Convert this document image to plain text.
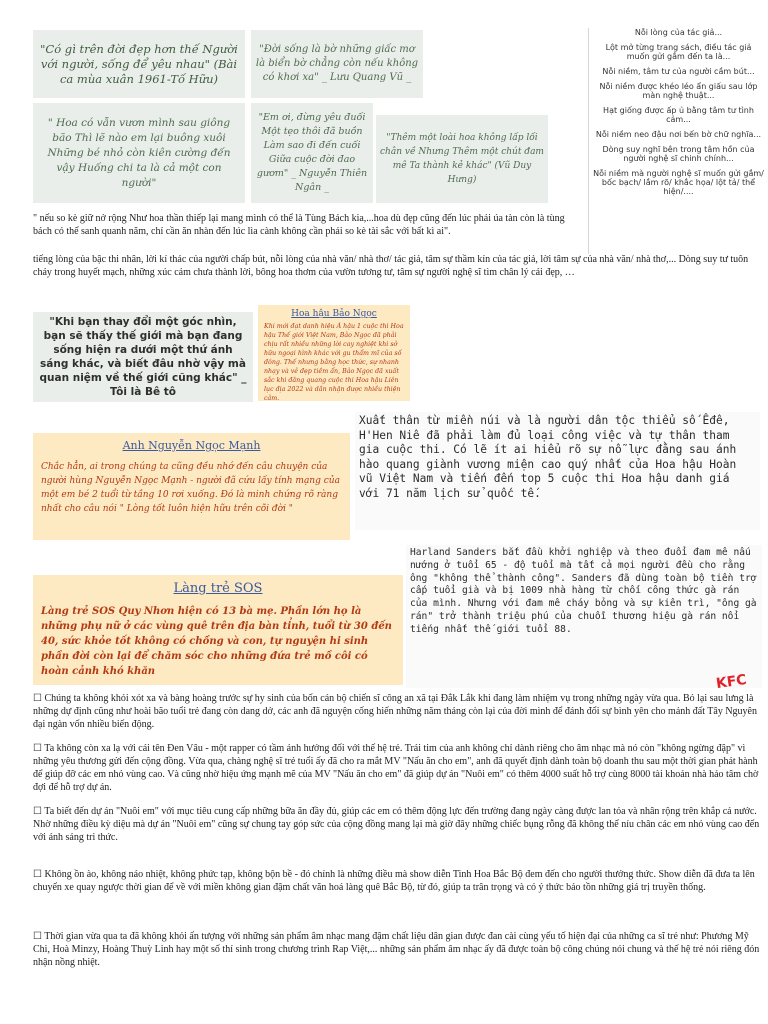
"Có gì trên đời đẹp hơn thế Người với người, sống để yêu nhau" (Bài ca mùa xuân 1961-Tố Hữu)

"Đời sống là bờ những giấc mơ là biển bờ chẳng còn nếu không có khơi xa" _ Lưu Quang Vũ _

" Hoa có vẫn vươn mình sau giông bão Thì lẽ nào em lại buông xuôi Những bé nhỏ còn kiên cường đến vậy Huống chi ta là cả một con người"

"Em ơi, đừng yêu đuối Một tẹo thôi đã buồn Làm sao đi đến cuối Giữa cuộc đời đao gươm" _ Nguyễn Thiên Ngân _

"Thêm một loài hoa không lấp lối chân về Nhưng Thêm một chút đam mê Ta thành kẻ khác" (Vũ Duy Hưng)

Nỗi lòng của tác giả...
Lột mở từng trang sách, điều tác giả muốn gửi gắm đến ta là...
Nỗi niềm, tâm tư của người cầm bút...
Nỗi niềm được khéo léo ẩn giấu sau lớp màn nghệ thuật...
Hạt giống được ấp ủ bằng tâm tư tình cảm...
Nỗi niềm neo đậu nơi bến bờ chữ nghĩa...
Dòng suy nghĩ bên trong tâm hồn của người nghệ sĩ chinh chính...
Nỗi niềm mà người nghệ sĩ muốn gửi gắm/ bốc bạch/ lắm rõ/ khắc họa/ lột tả/ thể hiện/....
" nếu so kè giữ nở rộng Như hoa thần thiếp lại mang mình có thể là Tùng Bách kia,...hoa dù đẹp cũng đến lúc phải úa tàn còn là tùng bách có thể sanh quanh năm, chỉ cần ăn nhàn đến lúc lìa cành không cần phải so kè tài sắc với bất kì ai".
tiếng lòng của bậc thi nhân, lời kí thác của người chấp bút, nỗi lòng của nhà văn/ nhà thơ/ tác giả, tâm sự thầm kín của tác giả, lời tâm sự của nhà văn/ nhà thơ,... Dòng suy tư tuôn chảy trong huyết mạch, những xúc cảm chưa thành lời, bông hoa thơm của vườn tương tư, tâm sự người nghệ sĩ tìm chân lý cái đẹp, …

"Khi bạn thay đổi một góc nhìn, bạn sẽ thấy thế giới mà bạn đang sống hiện ra dưới một thứ ánh sáng khác, và biết đâu nhờ vậy mà quan niệm về thế giới cũng khác" _ Tôi là Bê tô

Hoa hậu Bảo Ngọc
Khi mới đạt danh hiệu Á hậu 1 cuộc thi Hoa hậu Thế giới Việt Nam, Bảo Ngọc đã phải chịu rất nhiều những lời cay nghiệt khi sở hữu ngoại hình khác với gu thẩm mĩ của số đông. Thế nhưng bằng học thức, sự nhanh nhạy và vẻ đẹp tiềm ẩn, Bảo Ngọc đã xuất sắc khi đăng quang cuộc thi Hoa hậu Liên lục địa 2022 và dần nhận được nhiều thiện cảm.
Xuất thân từ miền núi và là người dân tộc thiểu số Êđê, H'Hen Niê đã phải làm đủ loại công việc và tự thân tham gia cuộc thi. Có lẽ ít ai hiểu rõ sự nỗ lực đằng sau ánh hào quang giành vương miện cao quý nhất của Hoa hậu Hoàn vũ Việt Nam và tiến đến top 5 cuộc thi Hoa hậu danh giá với 71 năm lịch sử quốc tế.
Anh Nguyễn Ngọc Mạnh
Chắc hẳn, ai trong chúng ta cũng đều nhớ đến câu chuyện của người hùng Nguyễn Ngọc Mạnh - người đã cứu lấy tính mạng của một em bé 2 tuổi từ tầng 10 rơi xuống. Đó là minh chứng rõ ràng nhất cho câu nói " Lòng tốt luôn hiện hữu trên cõi đời "
Làng trẻ SOS
Làng trẻ SOS Quy Nhơn hiện có 13 bà mẹ. Phần lớn họ là những phụ nữ ở các vùng quê trên địa bàn tỉnh, tuổi từ 30 đến 40, sức khỏe tốt không có chồng và con, tự nguyện hi sinh phần đời còn lại để chăm sóc cho những đứa trẻ mồ côi có hoàn cảnh khó khăn
Harland Sanders bắt đầu khởi nghiệp và theo đuổi đam mê nấu nướng ở tuổi 65 - độ tuổi mà tất cả mọi người đều cho rằng ông "không thể thành công". Sanders đã dùng toàn bộ tiền trợ cấp tuổi già và bị 1009 nhà hàng từ chối công thức gà rán của mình. Nhưng với đam mê cháy bỏng và sự kiên trì, "ông gà rán" trở thành triệu phú của chuỗi thương hiệu gà rán nổi tiếng nhất thế giới tuổi 88.
KFC
☐ Chúng ta không khỏi xót xa và bàng hoàng trước sự hy sinh của bốn cán bộ chiến sĩ công an xã tại Đắk Lắk khi đang làm nhiệm vụ trong những ngày vừa qua. Bỏ lại sau lưng là những dự định cũng như hoài bão tuổi trẻ đang còn dang dở, các anh đã nguyện cống hiến những năm tháng còn lại của đời mình để đánh đổi sự bình yên cho mảnh đất Tây Nguyên đại ngàn vốn nhiều biến động.
☐ Ta không còn xa lạ với cái tên Đen Vâu - một rapper có tầm ảnh hưởng đối với thế hệ trẻ. Trái tim của anh không chỉ dành riêng cho âm nhạc mà nó còn "không ngừng đập" vì những yêu thương gửi đến cộng đồng. Vừa qua, chàng nghệ sĩ trẻ tuổi ấy đã cho ra mắt MV "Nấu ăn cho em", anh đã quyết định dành toàn bộ doanh thu sau một thời gian phát hành để giúp đỡ các em nhỏ vùng cao. Và cũng nhờ hiệu ứng mạnh mẽ của MV "Nấu ăn cho em" đã giúp dự án "Nuôi em" có thêm 4000 suất hỗ trợ cùng 8000 tài khoản nhà hảo tâm chờ đợi để hỗ trợ dự án.
☐ Ta biết đến dự án "Nuôi em" với mục tiêu cung cấp những bữa ăn đầy đủ, giúp các em có thêm động lực đến trường đang ngày càng được lan tỏa và nhân rộng trên khắp cả nước. Nhờ những điều kỳ diệu mà dự án "Nuôi em" cũng sự chung tay góp sức của cộng đồng mang lại mà giờ đây những chiếc bụng rỗng đã không thể níu chân các em nhỏ vùng cao đến với ánh sáng tri thức.
☐ Không ồn ào, không náo nhiệt, không phức tạp, không bộn bề - đó chính là những điều mà show diễn Tinh Hoa Bắc Bộ đem đến cho người thưởng thức. Show diễn đã đưa ta lên chuyến xe quay ngược thời gian để về với miền không gian đậm chất văn hoá làng quê Bắc Bộ, từ đó, giúp ta trân trọng và có ý thức bảo tồn những giá trị truyền thống.
☐ Thời gian vừa qua ta đã không khỏi ấn tượng với những sản phẩm âm nhạc mang đậm chất liệu dân gian được đan cài cùng yếu tố hiện đại của những ca sĩ trẻ như: Phương Mỹ Chi, Hoà Minzy, Hoàng Thuỳ Linh hay một số thí sinh trong chương trình Rap Việt,... những sản phẩm âm nhạc ấy đã được toàn bộ công chúng nói chung và thế hệ trẻ nói riêng đón nhận nồng nhiệt.
